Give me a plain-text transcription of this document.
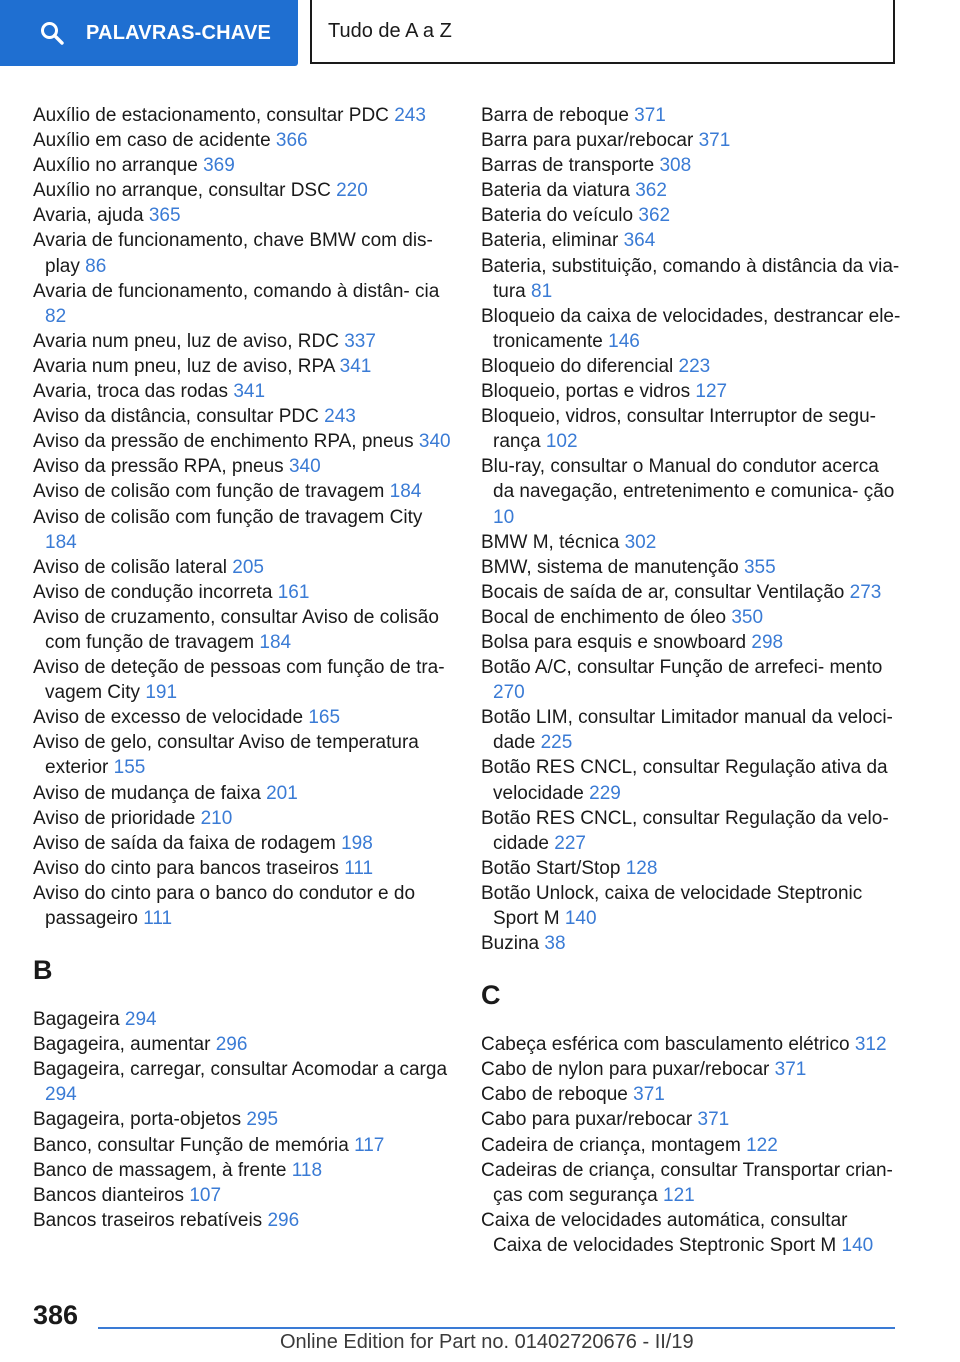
PALAVRAS-CHAVE	Tudo de A a Z
Auxílio de estacionamento, consultar PDC 243
Auxílio em caso de acidente 366
Auxílio no arranque 369
Auxílio no arranque, consultar DSC 220
Avaria, ajuda 365
Avaria de funcionamento, chave BMW com dis‐ play 86
Avaria de funcionamento, comando à distân‐ cia 82
Avaria num pneu, luz de aviso, RDC 337
Avaria num pneu, luz de aviso, RPA 341
Avaria, troca das rodas 341
Aviso da distância, consultar PDC 243
Aviso da pressão de enchimento RPA, pneus 340
Aviso da pressão RPA, pneus 340
Aviso de colisão com função de travagem 184
Aviso de colisão com função de travagem City 184
Aviso de colisão lateral 205
Aviso de condução incorreta 161
Aviso de cruzamento, consultar Aviso de colisão com função de travagem 184
Aviso de deteção de pessoas com função de tra‐ vagem City 191
Aviso de excesso de velocidade 165
Aviso de gelo, consultar Aviso de temperatura exterior 155
Aviso de mudança de faixa 201
Aviso de prioridade 210
Aviso de saída da faixa de rodagem 198
Aviso do cinto para bancos traseiros 111
Aviso do cinto para o banco do condutor e do passageiro 111
B
Bagageira 294
Bagageira, aumentar 296
Bagageira, carregar, consultar Acomodar a carga 294
Bagageira, porta-objetos 295
Banco, consultar Função de memória 117
Banco de massagem, à frente 118
Bancos dianteiros 107
Bancos traseiros rebatíveis 296
Barra de reboque 371
Barra para puxar/rebocar 371
Barras de transporte 308
Bateria da viatura 362
Bateria do veículo 362
Bateria, eliminar 364
Bateria, substituição, comando à distância da via‐ tura 81
Bloqueio da caixa de velocidades, destrancar ele‐ tronicamente 146
Bloqueio do diferencial 223
Bloqueio, portas e vidros 127
Bloqueio, vidros, consultar Interruptor de segu‐ rança 102
Blu-ray, consultar o Manual do condutor acerca da navegação, entretenimento e comunica‐ ção 10
BMW M, técnica 302
BMW, sistema de manutenção 355
Bocais de saída de ar, consultar Ventilação 273
Bocal de enchimento de óleo 350
Bolsa para esquis e snowboard 298
Botão A/C, consultar Função de arrefeci‐ mento 270
Botão LIM, consultar Limitador manual da veloci‐ dade 225
Botão RES CNCL, consultar Regulação ativa da velocidade 229
Botão RES CNCL, consultar Regulação da velo‐ cidade 227
Botão Start/Stop 128
Botão Unlock, caixa de velocidade Steptronic Sport M 140
Buzina 38
C
Cabeça esférica com basculamento elétrico 312
Cabo de nylon para puxar/rebocar 371
Cabo de reboque 371
Cabo para puxar/rebocar 371
Cadeira de criança, montagem 122
Cadeiras de criança, consultar Transportar crian‐ ças com segurança 121
Caixa de velocidades automática, consultar Caixa de velocidades Steptronic Sport M 140
386
Online Edition for Part no. 01402720676 - II/19
